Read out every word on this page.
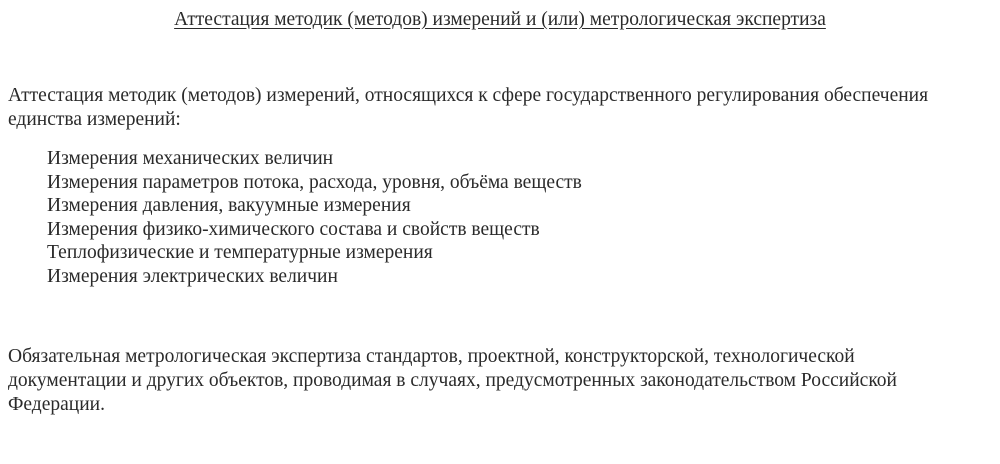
Аттестация методик (методов) измерений и (или) метрологическая экспертиза
Аттестация методик (методов) измерений, относящихся к сфере государственного регулирования обеспечения единства измерений:
Измерения механических величин
Измерения параметров потока, расхода, уровня, объёма веществ
Измерения давления, вакуумные измерения
Измерения физико-химического состава и свойств веществ
Теплофизические и температурные измерения
Измерения электрических величин
Обязательная метрологическая экспертиза стандартов, проектной, конструкторской, технологической документации и других объектов, проводимая в случаях, предусмотренных законодательством Российской Федерации.
